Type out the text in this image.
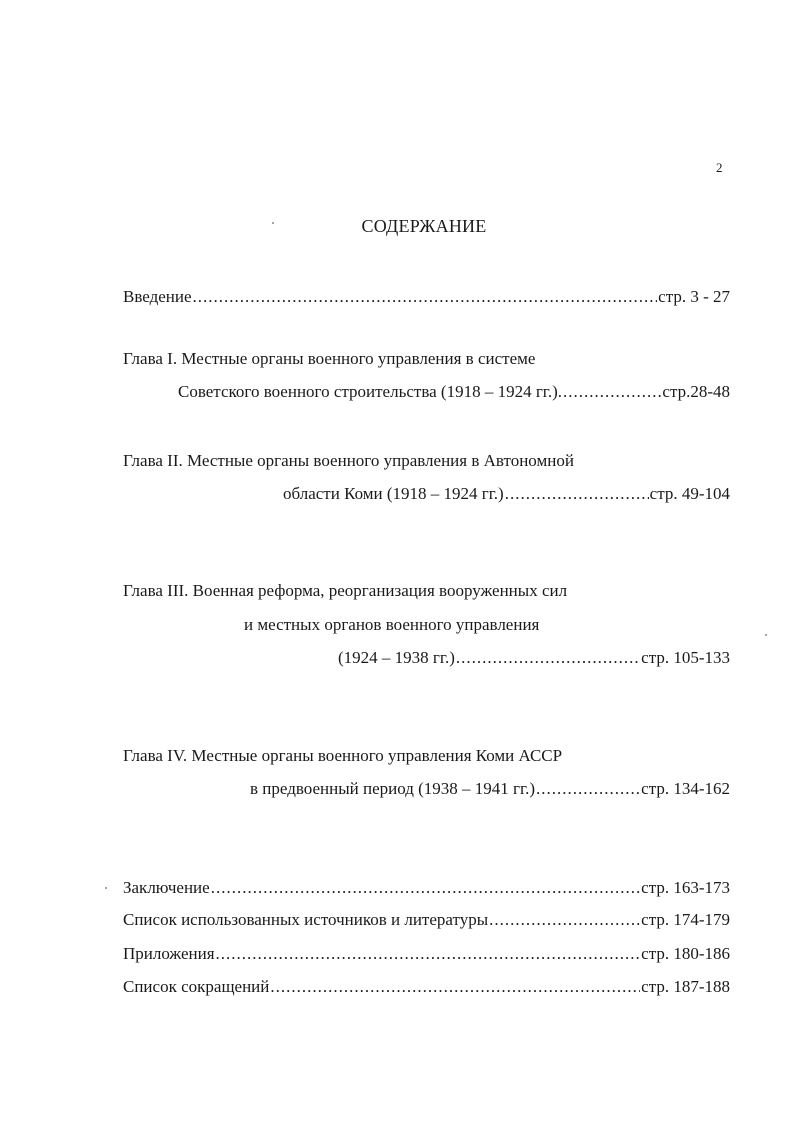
2
СОДЕРЖАНИЕ
Введение .....	стр. 3 - 27
Глава I. Местные органы военного управления в системе
Советского военного строительства (1918 – 1924 гг.). .....	стр.28-48
Глава II. Местные органы военного управления в Автономной
области Коми (1918 – 1924 гг.) .....	стр. 49-104
Глава III. Военная реформа, реорганизация вооруженных сил
и местных органов военного управления
(1924 – 1938 гг.) .....	стр. 105-133
Глава IV. Местные органы военного управления Коми АССР
в предвоенный период (1938 – 1941 гг.) .....	стр. 134-162
Заключение .....	стр. 163-173
Список использованных источников и литературы .....	стр. 174-179
Приложения .....	стр. 180-186
Список сокращений .....	стр. 187-188
